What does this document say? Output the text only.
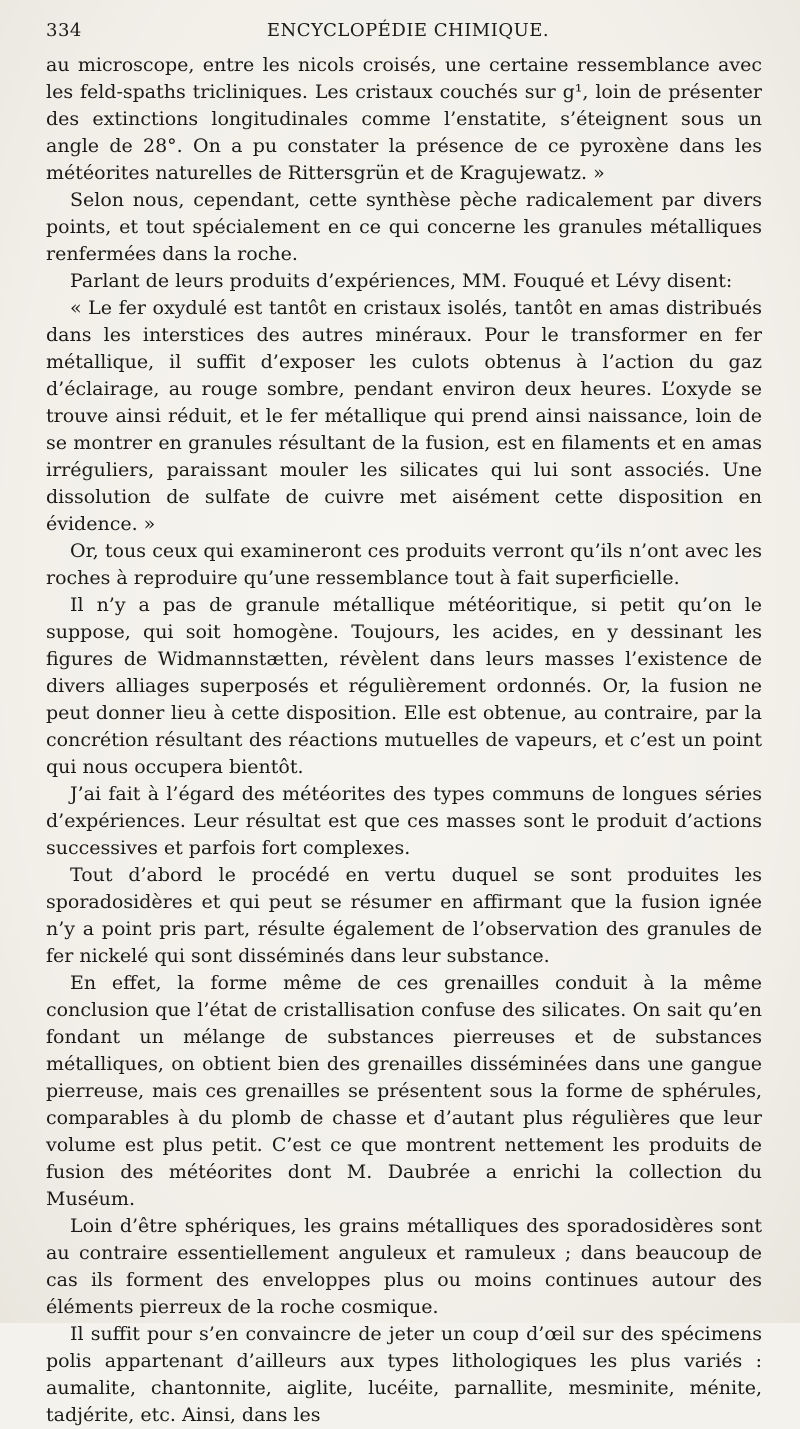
334	ENCYCLOPÉDIE CHIMIQUE.

au microscope, entre les nicols croisés, une certaine ressemblance avec les feld-spaths tricliniques. Les cristaux couchés sur g¹, loin de présenter des extinctions longitudinales comme l’enstatite, s’éteignent sous un angle de 28°. On a pu constater la présence de ce pyroxène dans les météorites naturelles de Rittersgrün et de Kragujewatz. »

Selon nous, cependant, cette synthèse pèche radicalement par divers points, et tout spécialement en ce qui concerne les granules métalliques renfermées dans la roche.

Parlant de leurs produits d’expériences, MM. Fouqué et Lévy disent:

« Le fer oxydulé est tantôt en cristaux isolés, tantôt en amas distribués dans les interstices des autres minéraux. Pour le transformer en fer métallique, il suffit d’exposer les culots obtenus à l’action du gaz d’éclairage, au rouge sombre, pendant environ deux heures. L’oxyde se trouve ainsi réduit, et le fer métallique qui prend ainsi naissance, loin de se montrer en granules résultant de la fusion, est en filaments et en amas irréguliers, paraissant mouler les silicates qui lui sont associés. Une dissolution de sulfate de cuivre met aisément cette disposition en évidence. »

Or, tous ceux qui examineront ces produits verront qu’ils n’ont avec les roches à reproduire qu’une ressemblance tout à fait superficielle.

Il n’y a pas de granule métallique météoritique, si petit qu’on le suppose, qui soit homogène. Toujours, les acides, en y dessinant les figures de Widmannstætten, révèlent dans leurs masses l’existence de divers alliages superposés et régulièrement ordonnés. Or, la fusion ne peut donner lieu à cette disposition. Elle est obtenue, au contraire, par la concrétion résultant des réactions mutuelles de vapeurs, et c’est un point qui nous occupera bientôt.

J’ai fait à l’égard des météorites des types communs de longues séries d’expériences. Leur résultat est que ces masses sont le produit d’actions successives et parfois fort complexes.

Tout d’abord le procédé en vertu duquel se sont produites les sporadosidères et qui peut se résumer en affirmant que la fusion ignée n’y a point pris part, résulte également de l’observation des granules de fer nickelé qui sont disséminés dans leur substance.

En effet, la forme même de ces grenailles conduit à la même conclusion que l’état de cristallisation confuse des silicates. On sait qu’en fondant un mélange de substances pierreuses et de substances métalliques, on obtient bien des grenailles disséminées dans une gangue pierreuse, mais ces grenailles se présentent sous la forme de sphérules, comparables à du plomb de chasse et d’autant plus régulières que leur volume est plus petit. C’est ce que montrent nettement les produits de fusion des météorites dont M. Daubrée a enrichi la collection du Muséum.

Loin d’être sphériques, les grains métalliques des sporadosidères sont au contraire essentiellement anguleux et ramuleux ; dans beaucoup de cas ils forment des enveloppes plus ou moins continues autour des éléments pierreux de la roche cosmique.

Il suffit pour s’en convaincre de jeter un coup d’œil sur des spécimens polis appartenant d’ailleurs aux types lithologiques les plus variés : aumalite, chantonnite, aiglite, lucéite, parnallite, mesminite, ménite, tadjérite, etc. Ainsi, dans les
